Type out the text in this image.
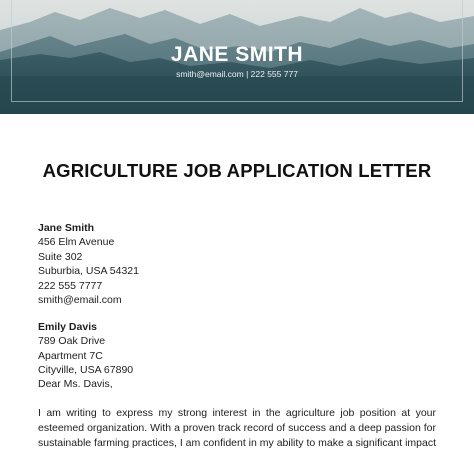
JANE SMITH
smith@email.com | 222 555 777
AGRICULTURE JOB APPLICATION LETTER
Jane Smith
456 Elm Avenue
Suite 302
Suburbia, USA 54321
222 555 7777
smith@email.com
Emily Davis
789 Oak Drive
Apartment 7C
Cityville, USA 67890
Dear Ms. Davis,
I am writing to express my strong interest in the agriculture job position at your
esteemed organization. With a proven track record of success and a deep passion for
sustainable farming practices, I am confident in my ability to make a significant impact
